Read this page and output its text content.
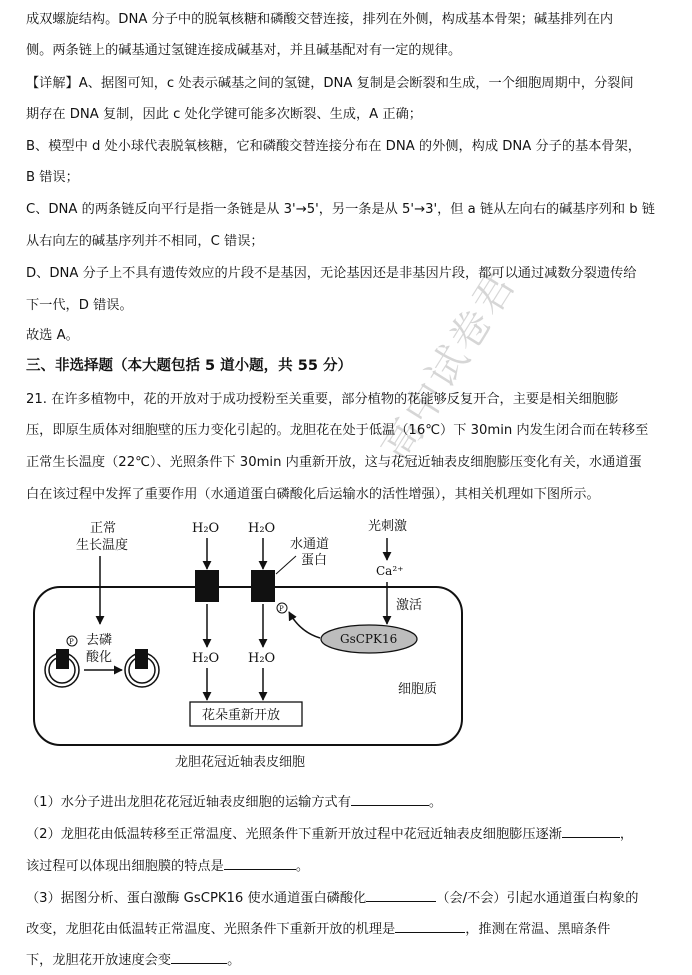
成双螺旋结构。DNA 分子中的脱氧核糖和磷酸交替连接，排列在外侧，构成基本骨架；碱基排列在内
侧。两条链上的碱基通过氢键连接成碱基对，并且碱基配对有一定的规律。
【详解】A、据图可知，c 处表示碱基之间的氢键，DNA 复制是会断裂和生成，一个细胞周期中，分裂间
期存在 DNA 复制，因此 c 处化学键可能多次断裂、生成，A 正确；
B、模型中 d 处小球代表脱氧核糖，它和磷酸交替连接分布在 DNA 的外侧，构成 DNA 分子的基本骨架，
B 错误；
C、DNA 的两条链反向平行是指一条链是从 3'→5'，另一条是从 5'→3'，但 a 链从左向右的碱基序列和 b 链
从右向左的碱基序列并不相同，C 错误；
D、DNA 分子上不具有遗传效应的片段不是基因，无论基因还是非基因片段，都可以通过减数分裂遗传给
下一代，D 错误。
故选 A。
三、非选择题（本大题包括 5 道小题，共 55 分）
21. 在许多植物中，花的开放对于成功授粉至关重要，部分植物的花能够反复开合，主要是相关细胞膨
压，即原生质体对细胞壁的压力变化引起的。龙胆花在处于低温（16℃）下 30min 内发生闭合而在转移至
正常生长温度（22℃）、光照条件下 30min 内重新开放，这与花冠近轴表皮细胞膨压变化有关，水通道蛋
白在该过程中发挥了重要作用（水通道蛋白磷酸化后运输水的活性增强），其相关机理如下图所示。
正常
生长温度
去磷
酸化
P
H₂O H₂O
水通道
蛋白
P
H₂O H₂O
花朵重新开放
光刺激
Ca²⁺
激活
GsCPK16
细胞质
龙胆花冠近轴表皮细胞
高中试卷君
（1）水分子进出龙胆花花冠近轴表皮细胞的运输方式有	。
（2）龙胆花由低温转移至正常温度、光照条件下重新开放过程中花冠近轴表皮细胞膨压逐渐	，
该过程可以体现出细胞膜的特点是	。
（3）据图分析、蛋白激酶 GsCPK16 使水通道蛋白磷酸化	（会/不会）引起水通道蛋白构象的
改变，龙胆花由低温转正常温度、光照条件下重新开放的机理是	，推测在常温、黑暗条件
下，龙胆花开放速度会变	。
